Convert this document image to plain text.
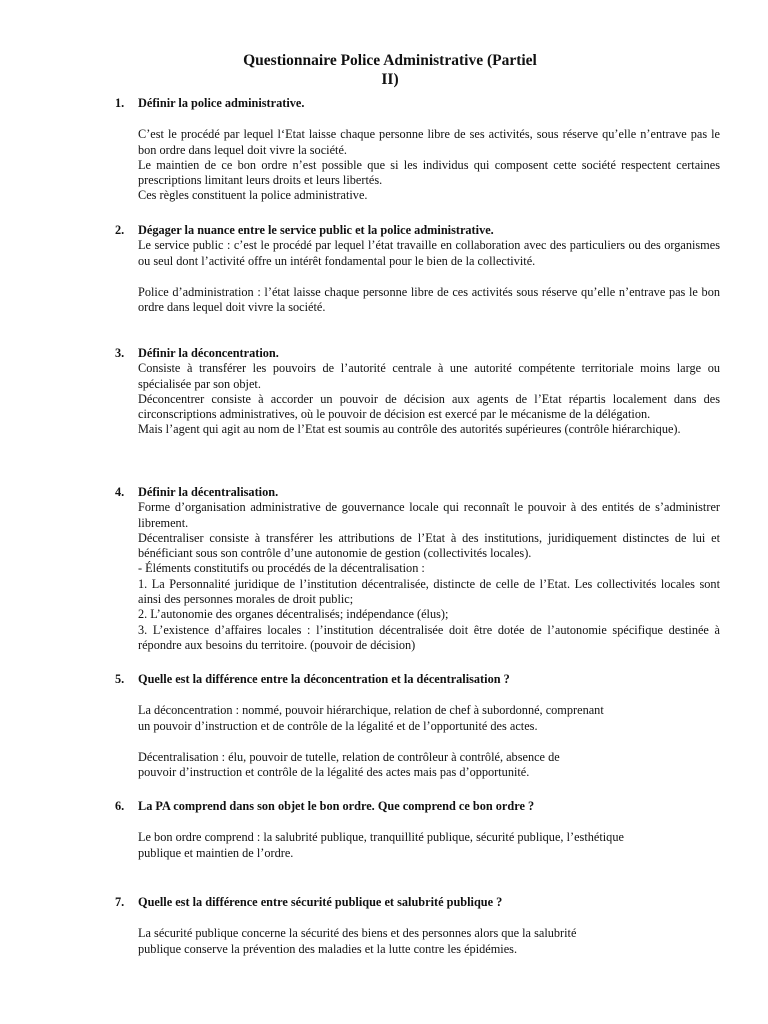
Questionnaire Police Administrative (Partiel
II)
1.	Définir la police administrative.

C’est le procédé par lequel l‘Etat laisse chaque personne libre de ses activités, sous réserve qu’elle n’entrave pas le bon ordre dans lequel doit vivre la société.

Le maintien de ce bon ordre n’est possible que si les individus qui composent cette société respectent certaines prescriptions limitant leurs droits et leurs libertés.

Ces règles constituent la police administrative.

2.	Dégager la nuance entre le service public et la police administrative.

Le service public : c’est le procédé par lequel l’état travaille en collaboration avec des particuliers ou des organismes ou seul dont l’activité offre un intérêt fondamental pour le bien de la collectivité.

Police d’administration : l’état laisse chaque personne libre de ces activités sous réserve qu’elle n’entrave pas le bon ordre dans lequel doit vivre la société.

3.	Définir la déconcentration.

Consiste à transférer les pouvoirs de l’autorité centrale à une autorité compétente territoriale moins large ou spécialisée par son objet.

Déconcentrer consiste à accorder un pouvoir de décision aux agents de l’Etat répartis localement dans des circonscriptions administratives, où le pouvoir de décision est exercé par le mécanisme de la délégation.

Mais l’agent qui agit au nom de l’Etat est soumis au contrôle des autorités supérieures (contrôle hiérarchique).

4.	Définir la décentralisation.

Forme d’organisation administrative de gouvernance locale qui reconnaît le pouvoir à des entités de s’administrer librement.

Décentraliser consiste à transférer les attributions de l’Etat à des institutions, juridiquement distinctes de lui et bénéficiant sous son contrôle d’une autonomie de gestion (collectivités locales).

- Éléments constitutifs ou procédés de la décentralisation :

1. La Personnalité juridique de l’institution décentralisée, distincte de celle de l’Etat. Les collectivités locales sont ainsi des personnes morales de droit public;

2. L’autonomie des organes décentralisés; indépendance (élus);

3. L’existence d’affaires locales : l’institution décentralisée doit être dotée de l’autonomie spécifique destinée à répondre aux besoins du territoire. (pouvoir de décision)

5.	Quelle est la différence entre la déconcentration et la décentralisation ?

La déconcentration : nommé, pouvoir hiérarchique, relation de chef à subordonné, comprenant

un pouvoir d’instruction et de contrôle de la légalité et de l’opportunité des actes.

Décentralisation : élu, pouvoir de tutelle, relation de contrôleur à contrôlé, absence de

pouvoir d’instruction et contrôle de la légalité des actes mais pas d’opportunité.

6.	La PA comprend dans son objet le bon ordre. Que comprend ce bon ordre ?

Le bon ordre comprend : la salubrité publique, tranquillité publique, sécurité publique, l’esthétique

publique et maintien de l’ordre.

7.	Quelle est la différence entre sécurité publique et salubrité publique ?

La sécurité publique concerne la sécurité des biens et des personnes alors que la salubrité

publique conserve la prévention des maladies et la lutte contre les épidémies.
